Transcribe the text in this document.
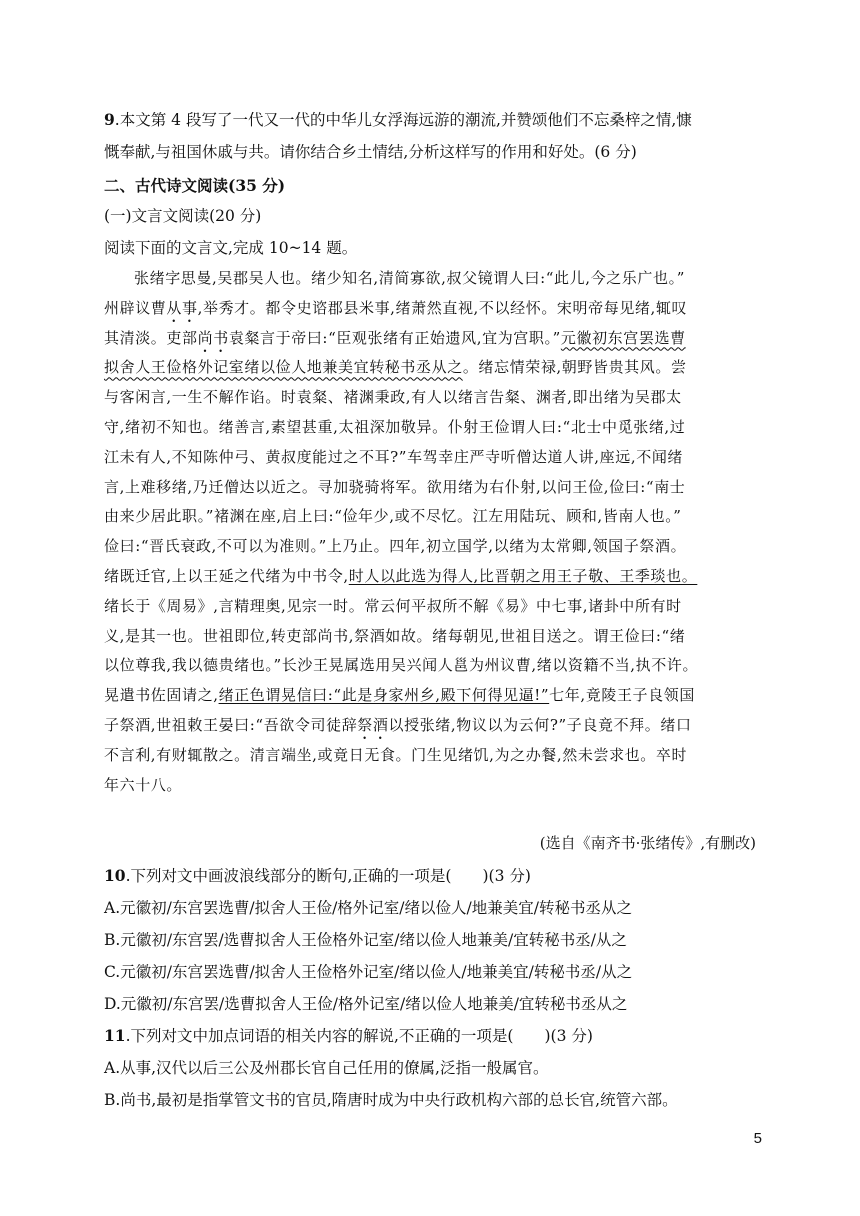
9.本文第 4 段写了一代又一代的中华儿女浮海远游的潮流,并赞颂他们不忘桑梓之情,慷
慨奉献,与祖国休戚与共。请你结合乡土情结,分析这样写的作用和好处。(6 分)
二、古代诗文阅读(35 分)
(一)文言文阅读(20 分)
阅读下面的文言文,完成 10~14 题。
张绪字思曼,吴郡吴人也。绪少知名,清简寡欲,叔父镜谓人曰:“此儿,今之乐广也。”
州辟议曹从事,举秀才。都令史谘郡县米事,绪萧然直视,不以经怀。宋明帝每见绪,辄叹
其清淡。吏部尚书袁粲言于帝曰:“臣观张绪有正始遗风,宜为宫职。”元徽初东宫罢选曹
拟舍人王俭格外记室绪以俭人地兼美宜转秘书丞从之。绪忘情荣禄,朝野皆贵其风。尝
与客闲言,一生不解作谄。时袁粲、褚渊秉政,有人以绪言告粲、渊者,即出绪为吴郡太
守,绪初不知也。绪善言,素望甚重,太祖深加敬异。仆射王俭谓人曰:“北士中觅张绪,过
江未有人,不知陈仲弓、黄叔度能过之不耳?”车驾幸庄严寺听僧达道人讲,座远,不闻绪
言,上难移绪,乃迁僧达以近之。寻加骁骑将军。欲用绪为右仆射,以问王俭,俭曰:“南士
由来少居此职。”褚渊在座,启上曰:“俭年少,或不尽忆。江左用陆玩、顾和,皆南人也。”
俭曰:“晋氏衰政,不可以为准则。”上乃止。四年,初立国学,以绪为太常卿,领国子祭酒。
绪既迁官,上以王延之代绪为中书令,时人以此选为得人,比晋朝之用王子敬、王季琰也。
绪长于《周易》,言精理奥,见宗一时。常云何平叔所不解《易》中七事,诸卦中所有时
义,是其一也。世祖即位,转吏部尚书,祭酒如故。绪每朝见,世祖目送之。谓王俭曰:“绪
以位尊我,我以德贵绪也。”长沙王晃属选用吴兴闻人邕为州议曹,绪以资籍不当,执不许。
晃遣书佐固请之,绪正色谓晃信曰:“此是身家州乡,殿下何得见逼!”七年,竟陵王子良领国
子祭酒,世祖敕王晏曰:“吾欲令司徒辞祭酒以授张绪,物议以为云何?”子良竟不拜。绪口
不言利,有财辄散之。清言端坐,或竟日无食。门生见绪饥,为之办餐,然未尝求也。卒时
年六十八。
(选自《南齐书·张绪传》,有删改)
10.下列对文中画波浪线部分的断句,正确的一项是(　　)(3 分)
A.元徽初/东宫罢选曹/拟舍人王俭/格外记室/绪以俭人/地兼美宜/转秘书丞从之
B.元徽初/东宫罢/选曹拟舍人王俭格外记室/绪以俭人地兼美/宜转秘书丞/从之
C.元徽初/东宫罢选曹/拟舍人王俭格外记室/绪以俭人/地兼美宜/转秘书丞/从之
D.元徽初/东宫罢/选曹拟舍人王俭/格外记室/绪以俭人地兼美/宜转秘书丞从之
11.下列对文中加点词语的相关内容的解说,不正确的一项是(　　)(3 分)
A.从事,汉代以后三公及州郡长官自己任用的僚属,泛指一般属官。
B.尚书,最初是指掌管文书的官员,隋唐时成为中央行政机构六部的总长官,统管六部。
5
